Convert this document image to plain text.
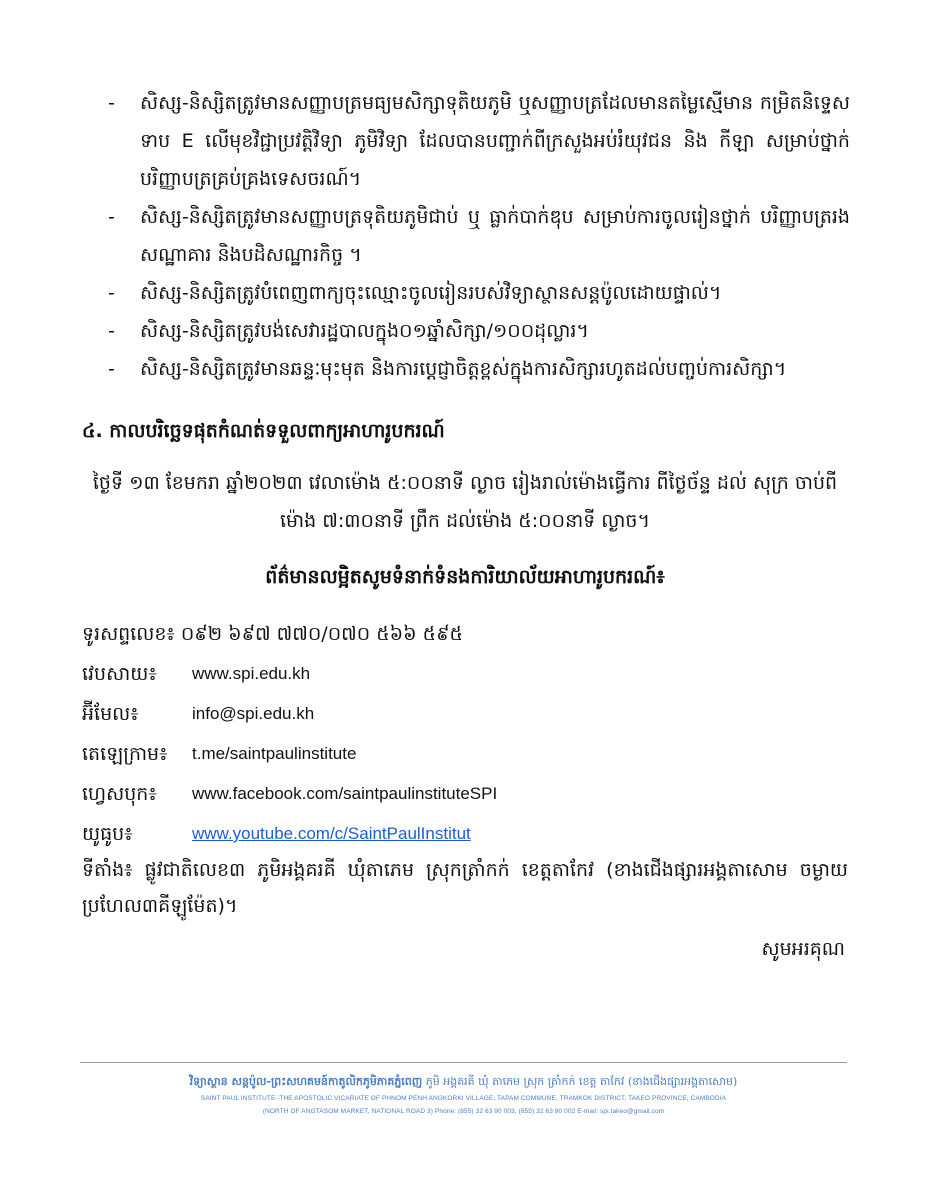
- សិស្ស-និស្សិតត្រូវមានសញ្ញាបត្រមធ្យមសិក្សាទុតិយភូមិ ឬសញ្ញាបត្រដែលមានតម្លៃស្មើមាន កម្រិតនិទ្ទេសទាប E លើមុខវិជ្ជាប្រវត្តិវិទ្យា ភូមិវិទ្យា ដែលបានបញ្ជាក់ពីក្រសួងអប់រំយុវជន និង កីឡា សម្រាប់ថ្នាក់បរិញ្ញាបត្រគ្រប់គ្រងទេសចរណ៍។
- សិស្ស-និស្សិតត្រូវមានសញ្ញាបត្រទុតិយភូមិជាប់ ឬ ធ្លាក់បាក់ឌុប សម្រាប់ការចូលរៀនថ្នាក់ បរិញ្ញាបត្ររងសណ្ឋាគារ និងបដិសណ្ឋារកិច្ច ។
- សិស្ស-និស្សិតត្រូវបំពេញពាក្យចុះឈ្មោះចូលរៀនរបស់វិទ្យាស្ថានសន្តប៉ូលដោយផ្ទាល់។
- សិស្ស-និស្សិតត្រូវបង់សេវារដ្ឋបាលក្នុង០១ឆ្នាំសិក្សា/១០០ដុល្លារ។
- សិស្ស-និស្សិតត្រូវមានឆន្ទៈមុះមុត និងការប្តេជ្ញាចិត្តខ្ពស់ក្នុងការសិក្សារហូតដល់បញ្ចប់ការសិក្សា។
៤. កាលបរិច្ឆេទផុតកំណត់ទទួលពាក្យអាហារូបករណ៍

ថ្ងៃទី ១៣ ខែមករា ឆ្នាំ២០២៣ វេលាម៉ោង ៥:០០នាទី ល្ងាច រៀងរាល់ម៉ោងធ្វើការ ពីថ្ងៃច័ន្ទ ដល់ សុក្រ ចាប់ពីម៉ោង ៧:៣០នាទី ព្រឹក ដល់ម៉ោង ៥:០០នាទី ល្ងាច។

ព័ត៌មានលម្អិតសូមទំនាក់ទំនងការិយាល័យអាហារូបករណ៍៖
ទូរសព្ទលេខ៖ ០៩២ ៦៩៧ ៧៧០/០៧០ ៥៦៦ ៥៩៥
វេបសាយ៖ www.spi.edu.kh
អ៊ីមែល៖	info@spi.edu.kh
តេឡេក្រាម៖ t.me/saintpaulinstitute
ហ្វេសបុក៖ www.facebook.com/saintpaulinstituteSPI
យូធូប៖	www.youtube.com/c/SaintPaulInstitut

ទីតាំង៖ ផ្លូវជាតិលេខ៣ ភូមិអង្គគរគី ឃុំតាភេម ស្រុកត្រាំកក់ ខេត្តតាកែវ (ខាងជើងផ្សារអង្គតាសោម ចម្ងាយប្រហែល៣គីឡូម៉ែត)។

សូមអរគុណ

វិទ្យាស្ថាន សន្តប៉ូល-ព្រះសហគមន៍កាតូលិកភូមិភាគភ្នំពេញ ភូមិ អង្គគរគី ឃុំ តាភេម ស្រុក ត្រាំកក់ ខេត្ត តាកែវ (ខាងជើងផ្សារអង្គតាសោម)
SAINT PAUL INSTITUTE- THE APOSTOLIC VICARIATE OF PHNOM PENH ANGKORKI VILLAGE, TAPAM COMMUNE, TRAMKOK DISTRICT, TAKEO PROVINCE, CAMBODIA
(NORTH OF ANGTASOM MARKET, NATIONAL ROAD 3) Phone: (855) 32 63 90 003, (855) 32 63 90 002 E-mail: spi.takeo@gmail.com
